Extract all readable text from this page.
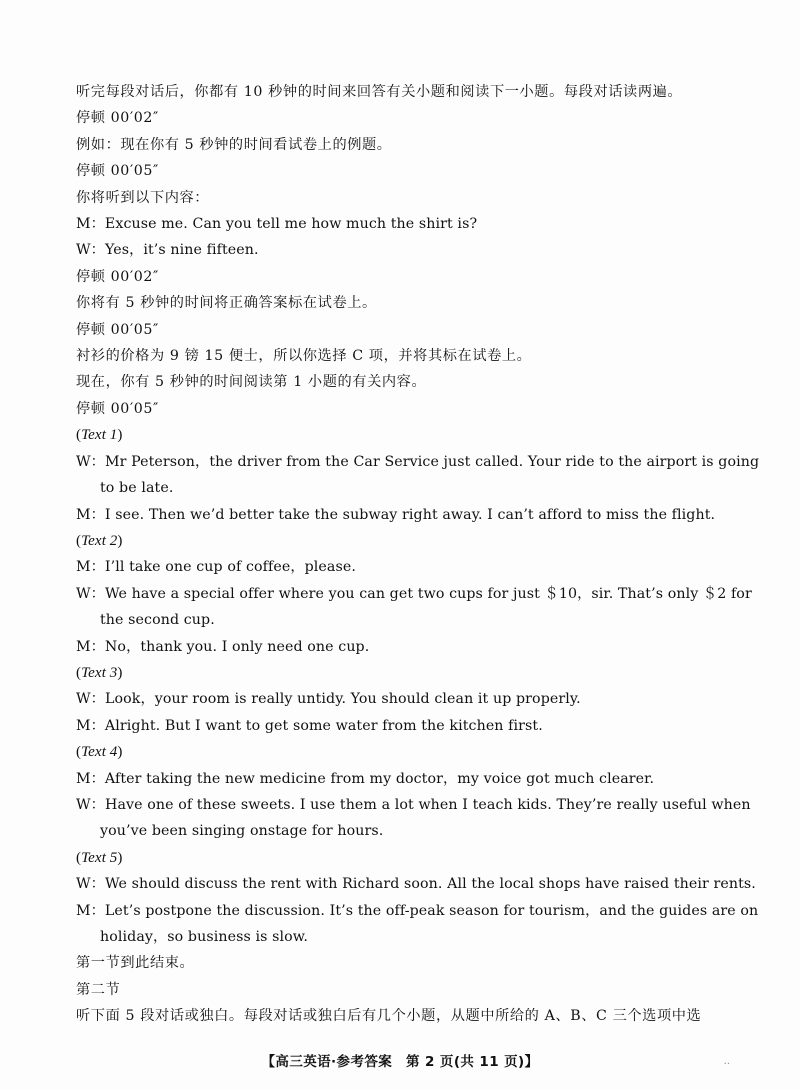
听完每段对话后，你都有 10 秒钟的时间来回答有关小题和阅读下一小题。每段对话读两遍。
停顿 00′02″
例如：现在你有 5 秒钟的时间看试卷上的例题。
停顿 00′05″
你将听到以下内容：
M：Excuse me. Can you tell me how much the shirt is?
W：Yes，it’s nine fifteen.
停顿 00′02″
你将有 5 秒钟的时间将正确答案标在试卷上。
停顿 00′05″
衬衫的价格为 9 镑 15 便士，所以你选择 C 项，并将其标在试卷上。
现在，你有 5 秒钟的时间阅读第 1 小题的有关内容。
停顿 00′05″
(Text 1)
W：Mr Peterson，the driver from the Car Service just called. Your ride to the airport is going
to be late.
M：I see. Then we’d better take the subway right away. I can’t afford to miss the flight.
(Text 2)
M：I’ll take one cup of coffee，please.
W：We have a special offer where you can get two cups for just ＄10，sir. That’s only ＄2 for
the second cup.
M：No，thank you. I only need one cup.
(Text 3)
W：Look，your room is really untidy. You should clean it up properly.
M：Alright. But I want to get some water from the kitchen first.
(Text 4)
M：After taking the new medicine from my doctor，my voice got much clearer.
W：Have one of these sweets. I use them a lot when I teach kids. They’re really useful when
you’ve been singing onstage for hours.
(Text 5)
W：We should discuss the rent with Richard soon. All the local shops have raised their rents.
M：Let’s postpone the discussion. It’s the off-peak season for tourism，and the guides are on
holiday，so business is slow.
第一节到此结束。
第二节
听下面 5 段对话或独白。每段对话或独白后有几个小题，从题中所给的 A、B、C 三个选项中选
【高三英语·参考答案　第 2 页(共 11 页)】	..
